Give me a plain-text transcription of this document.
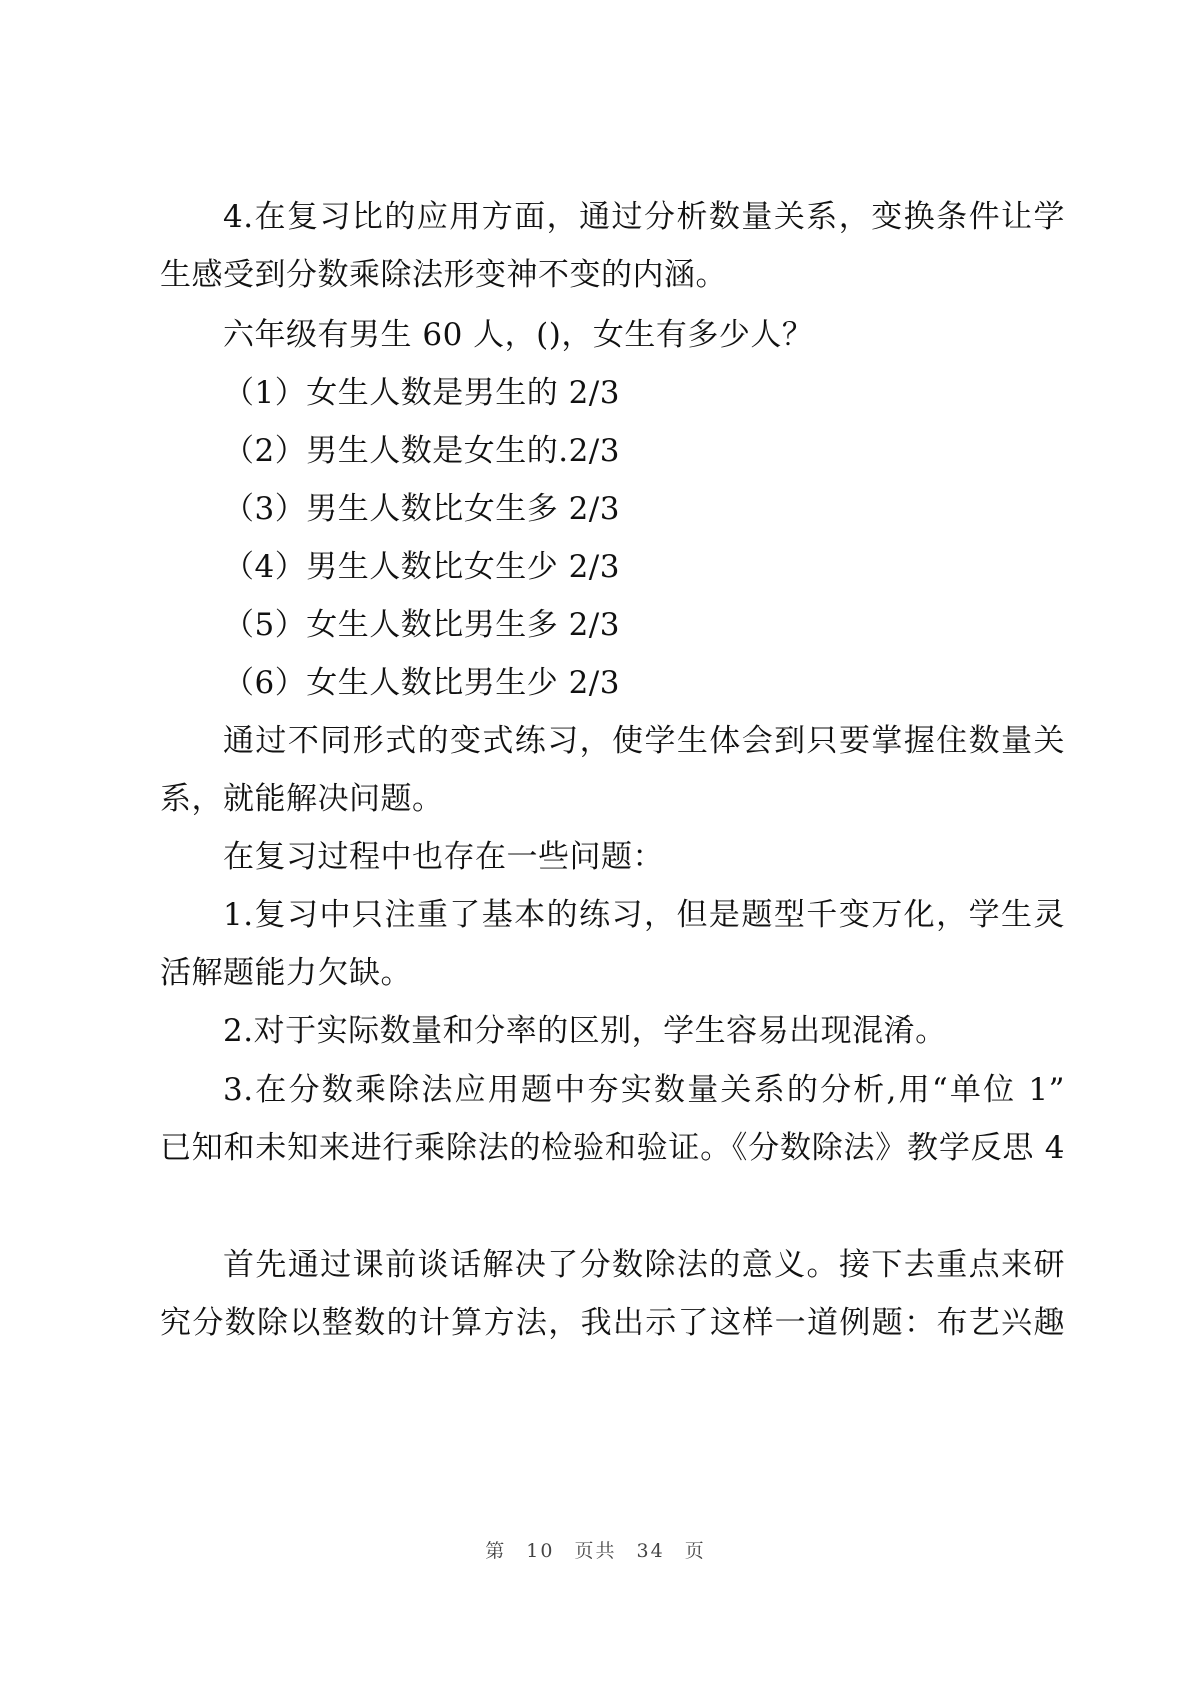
4.在复习比的应用方面，通过分析数量关系，变换条件让学
生感受到分数乘除法形变神不变的内涵。
六年级有男生 60 人，()，女生有多少人？
（1）女生人数是男生的 2/3
（2）男生人数是女生的.2/3
（3）男生人数比女生多 2/3
（4）男生人数比女生少 2/3
（5）女生人数比男生多 2/3
（6）女生人数比男生少 2/3
通过不同形式的变式练习，使学生体会到只要掌握住数量关
系，就能解决问题。
在复习过程中也存在一些问题：
1.复习中只注重了基本的练习，但是题型千变万化，学生灵
活解题能力欠缺。
2.对于实际数量和分率的区别，学生容易出现混淆。
3.在分数乘除法应用题中夯实数量关系的分析,用“单位 1”
已知和未知来进行乘除法的检验和验证。《分数除法》教学反思 4
首先通过课前谈话解决了分数除法的意义。接下去重点来研
究分数除以整数的计算方法，我出示了这样一道例题：布艺兴趣
第 10 页共 34 页
